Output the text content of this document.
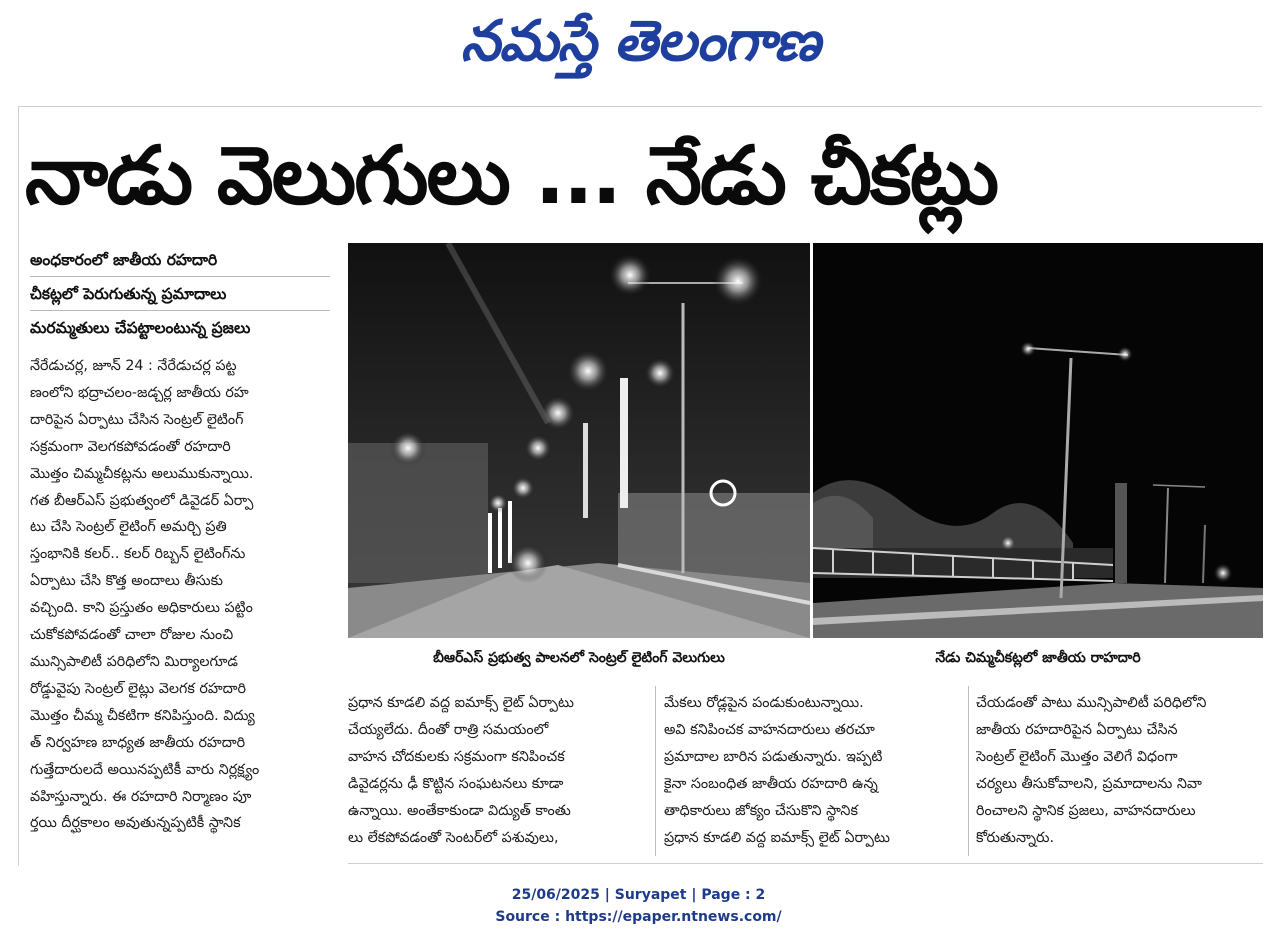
నమస్తే తెలంగాణ
నాడు వెలుగులు ... నేడు చీకట్లు
అంధకారంలో జాతీయ రహదారి
చీకట్లలో పెరుగుతున్న ప్రమాదాలు
మరమ్మతులు చేపట్టాలంటున్న ప్రజలు

నేరేడుచర్ల, జూన్ 24 : నేరేడుచర్ల పట్ట

ణంలోని భద్రాచలం-జడ్చర్ల జాతీయ రహ

దారిపైన ఏర్పాటు చేసిన సెంట్రల్ లైటింగ్

సక్రమంగా వెలగకపోవడంతో రహదారి

మొత్తం చిమ్మచీకట్లను అలుముకున్నాయి.

గత బీఆర్ఎస్ ప్రభుత్వంలో డివైడర్ ఏర్పా

టు చేసి సెంట్రల్ లైటింగ్ అమర్చి ప్రతి

స్తంభానికి కలర్.. కలర్ రిబ్బన్ లైటింగ్‌ను

ఏర్పాటు చేసి కొత్త అందాలు తీసుకు

వచ్చింది. కాని ప్రస్తుతం అధికారులు పట్టిం

చుకోకపోవడంతో చాలా రోజుల నుంచి

మున్సిపాలిటీ పరిధిలోని మిర్యాలగూడ

రోడ్డువైపు సెంట్రల్ లైట్లు వెలగక రహదారి

మొత్తం చీమ్మ చీకటిగా కనిపిస్తుంది. విద్యు

త్ నిర్వహణ బాధ్యత జాతీయ రహదారి

గుత్తేదారులదే అయినప్పటికీ వారు నిర్లక్ష్యం

వహిస్తున్నారు. ఈ రహదారి నిర్మాణం పూ

ర్తయి దీర్ఘకాలం అవుతున్నప్పటికీ స్థానిక

బీఆర్ఎస్ ప్రభుత్వ పాలనలో సెంట్రల్ లైటింగ్ వెలుగులు	నేడు చిమ్మచీకట్లలో జాతీయ రాహదారి

ప్రధాన కూడలి వద్ద ఐమాక్స్ లైట్ ఏర్పాటు

చేయ్యలేదు. దీంతో రాత్రి సమయంలో

వాహన చోదకులకు సక్రమంగా కనిపించక

డివైడర్లను ఢీ కొట్టిన సంఘటనలు కూడా

ఉన్నాయి. అంతేకాకుండా విద్యుత్ కాంతు

లు లేకపోవడంతో సెంటర్‌లో పశువులు,

మేకలు రోడ్లపైన పండుకుంటున్నాయి.

అవి కనిపించక వాహనదారులు తరచూ

ప్రమాదాల బారిన పడుతున్నారు. ఇప్పటి

కైనా సంబంధిత జాతీయ రహదారి ఉన్న

తాధికారులు జోక్యం చేసుకొని స్థానిక

ప్రధాన కూడలి వద్ద ఐమాక్స్ లైట్ ఏర్పాటు

చేయడంతో పాటు మున్సిపాలిటీ పరిధిలోని

జాతీయ రహదారిపైన ఏర్పాటు చేసిన

సెంట్రల్ లైటింగ్ మొత్తం వెలిగే విధంగా

చర్యలు తీసుకోవాలని, ప్రమాదాలను నివా

రించాలని స్థానిక ప్రజలు, వాహనదారులు

కోరుతున్నారు.

25/06/2025 | Suryapet | Page : 2
Source : https://epaper.ntnews.com/
